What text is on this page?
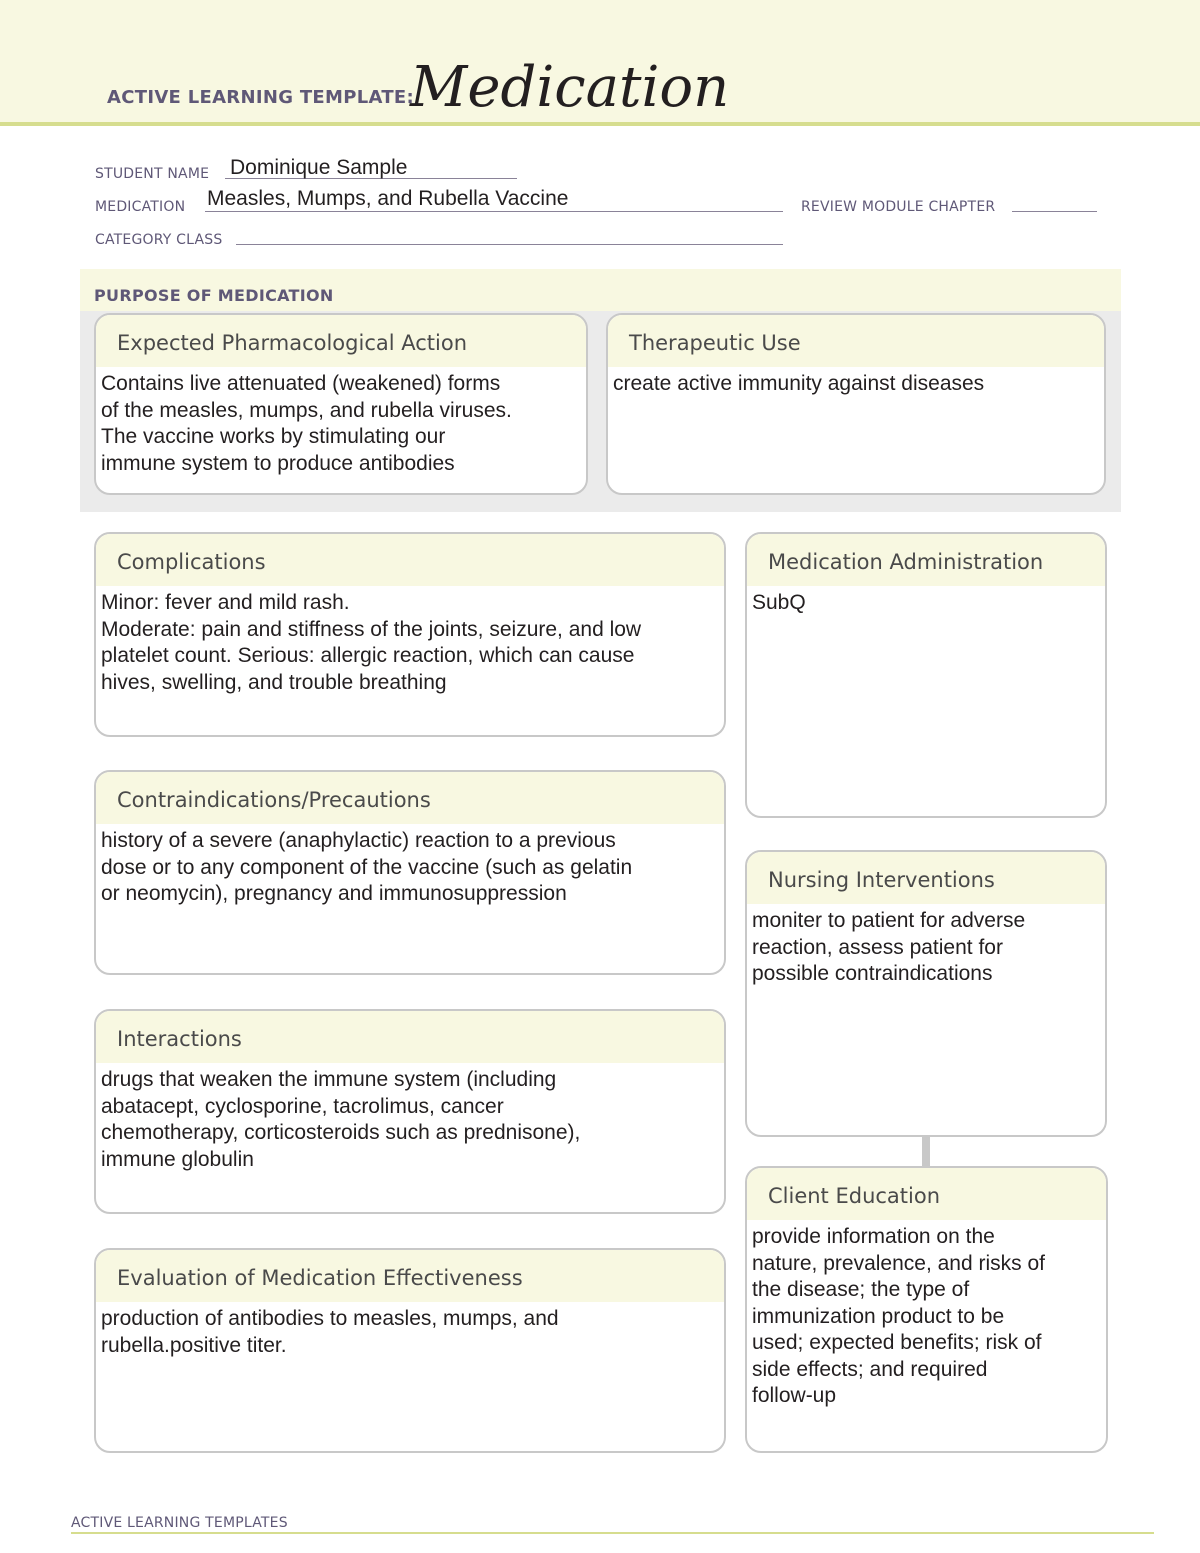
ACTIVE LEARNING TEMPLATE:
Medication
STUDENT NAME Dominique Sample
MEDICATION Measles, Mumps, and Rubella Vaccine	REVIEW MODULE CHAPTER
CATEGORY CLASS
PURPOSE OF MEDICATION
Expected Pharmacological Action
Contains live attenuated (weakened) forms
of the measles, mumps, and rubella viruses.
The vaccine works by stimulating our
immune system to produce antibodies
Therapeutic Use
create active immunity against diseases
Complications
Minor: fever and mild rash.
Moderate: pain and stiffness of the joints, seizure, and low
platelet count. Serious: allergic reaction, which can cause
hives, swelling, and trouble breathing
Contraindications/Precautions
history of a severe (anaphylactic) reaction to a previous
dose or to any component of the vaccine (such as gelatin
or neomycin), pregnancy and immunosuppression
Interactions
drugs that weaken the immune system (including
abatacept, cyclosporine, tacrolimus, cancer
chemotherapy, corticosteroids such as prednisone),
immune globulin
Evaluation of Medication Effectiveness
production of antibodies to measles, mumps, and
rubella.positive titer.
Medication Administration
SubQ
Nursing Interventions
moniter to patient for adverse
reaction, assess patient for
possible contraindications
Client Education
provide information on the
nature, prevalence, and risks of
the disease; the type of
immunization product to be
used; expected benefits; risk of
side effects; and required
follow-up
ACTIVE LEARNING TEMPLATES
